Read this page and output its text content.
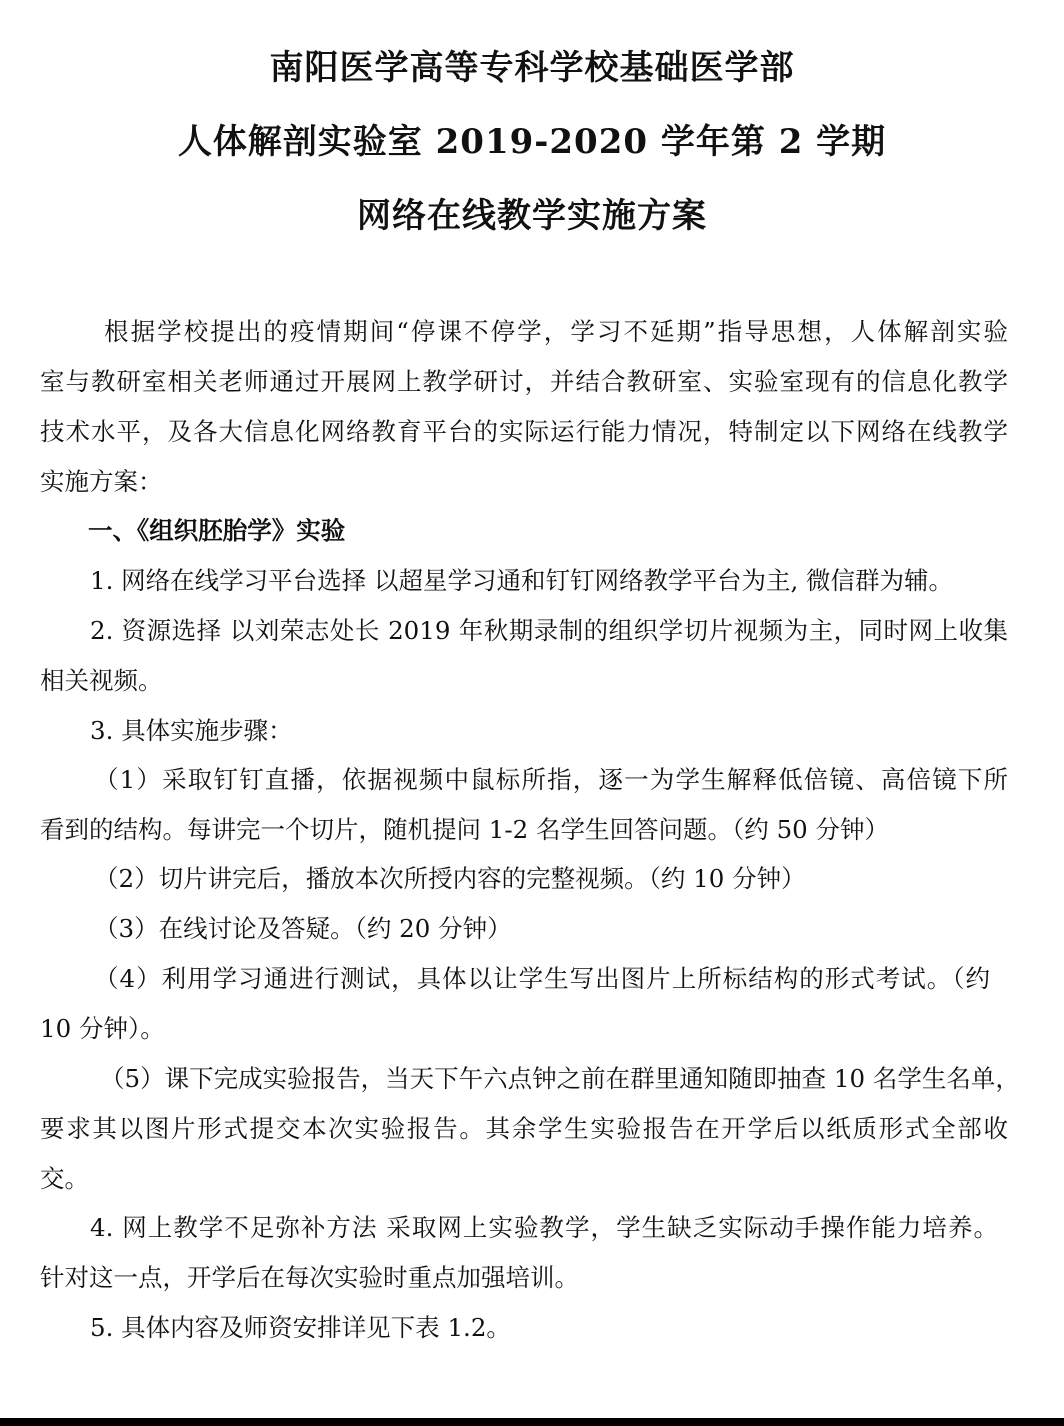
南阳医学高等专科学校基础医学部
人体解剖实验室 2019-2020 学年第 2 学期
网络在线教学实施方案
根据学校提出的疫情期间“停课不停学，学习不延期”指导思想，人体解剖实验
室与教研室相关老师通过开展网上教学研讨，并结合教研室、实验室现有的信息化教学
技术水平，及各大信息化网络教育平台的实际运行能力情况，特制定以下网络在线教学
实施方案：
一、《组织胚胎学》实验
1. 网络在线学习平台选择 以超星学习通和钉钉网络教学平台为主, 微信群为辅。
2. 资源选择 以刘荣志处长 2019 年秋期录制的组织学切片视频为主，同时网上收集
相关视频。
3. 具体实施步骤：
（1）采取钉钉直播，依据视频中鼠标所指，逐一为学生解释低倍镜、高倍镜下所
看到的结构。每讲完一个切片，随机提问 1-2 名学生回答问题。（约 50 分钟）
（2）切片讲完后，播放本次所授内容的完整视频。（约 10 分钟）
（3）在线讨论及答疑。（约 20 分钟）
（4）利用学习通进行测试，具体以让学生写出图片上所标结构的形式考试。（约
10 分钟）。
（5）课下完成实验报告，当天下午六点钟之前在群里通知随即抽查 10 名学生名单，
要求其以图片形式提交本次实验报告。其余学生实验报告在开学后以纸质形式全部收
交。
4. 网上教学不足弥补方法 采取网上实验教学，学生缺乏实际动手操作能力培养。
针对这一点，开学后在每次实验时重点加强培训。
5. 具体内容及师资安排详见下表 1.2。
